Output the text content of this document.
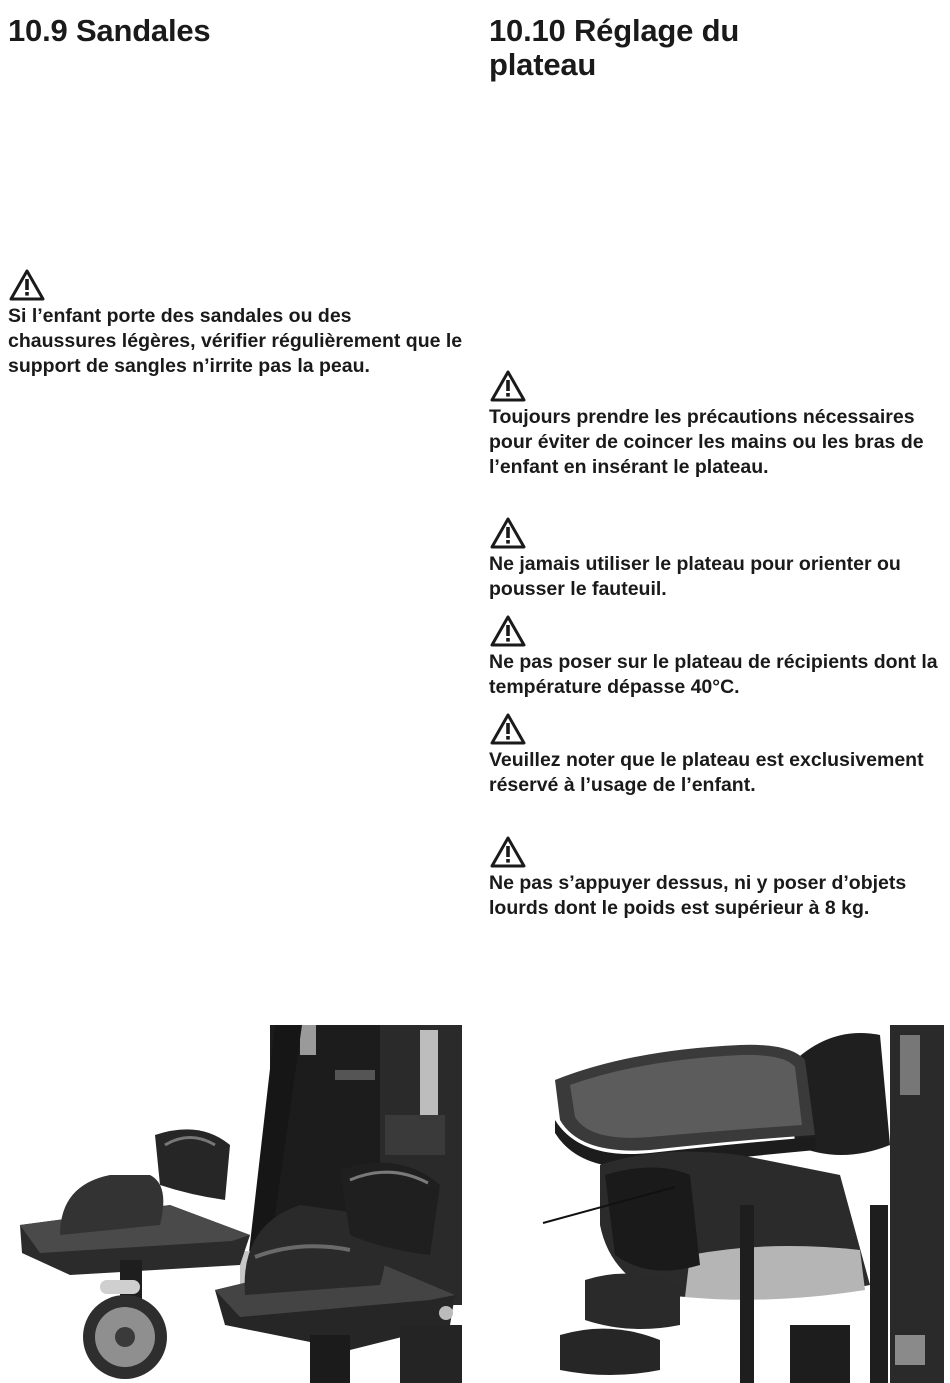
10.9 Sandales

Si l’enfant porte des sandales ou des chaussures légères, vérifier régulièrement que le support de sangles n’irrite pas la peau.

10.10 Réglage du plateau

Toujours prendre les précautions nécessaires pour éviter de coincer les mains ou les bras de l’enfant en insérant le plateau.

Ne jamais utiliser le plateau pour orienter ou pousser le fauteuil.

Ne pas poser sur le plateau de récipients dont la température dépasse 40°C.

Veuillez noter que le plateau est exclusivement réservé à l’usage de l’enfant.

Ne pas s’appuyer dessus, ni y poser d’objets lourds dont le poids est supérieur à 8 kg.
